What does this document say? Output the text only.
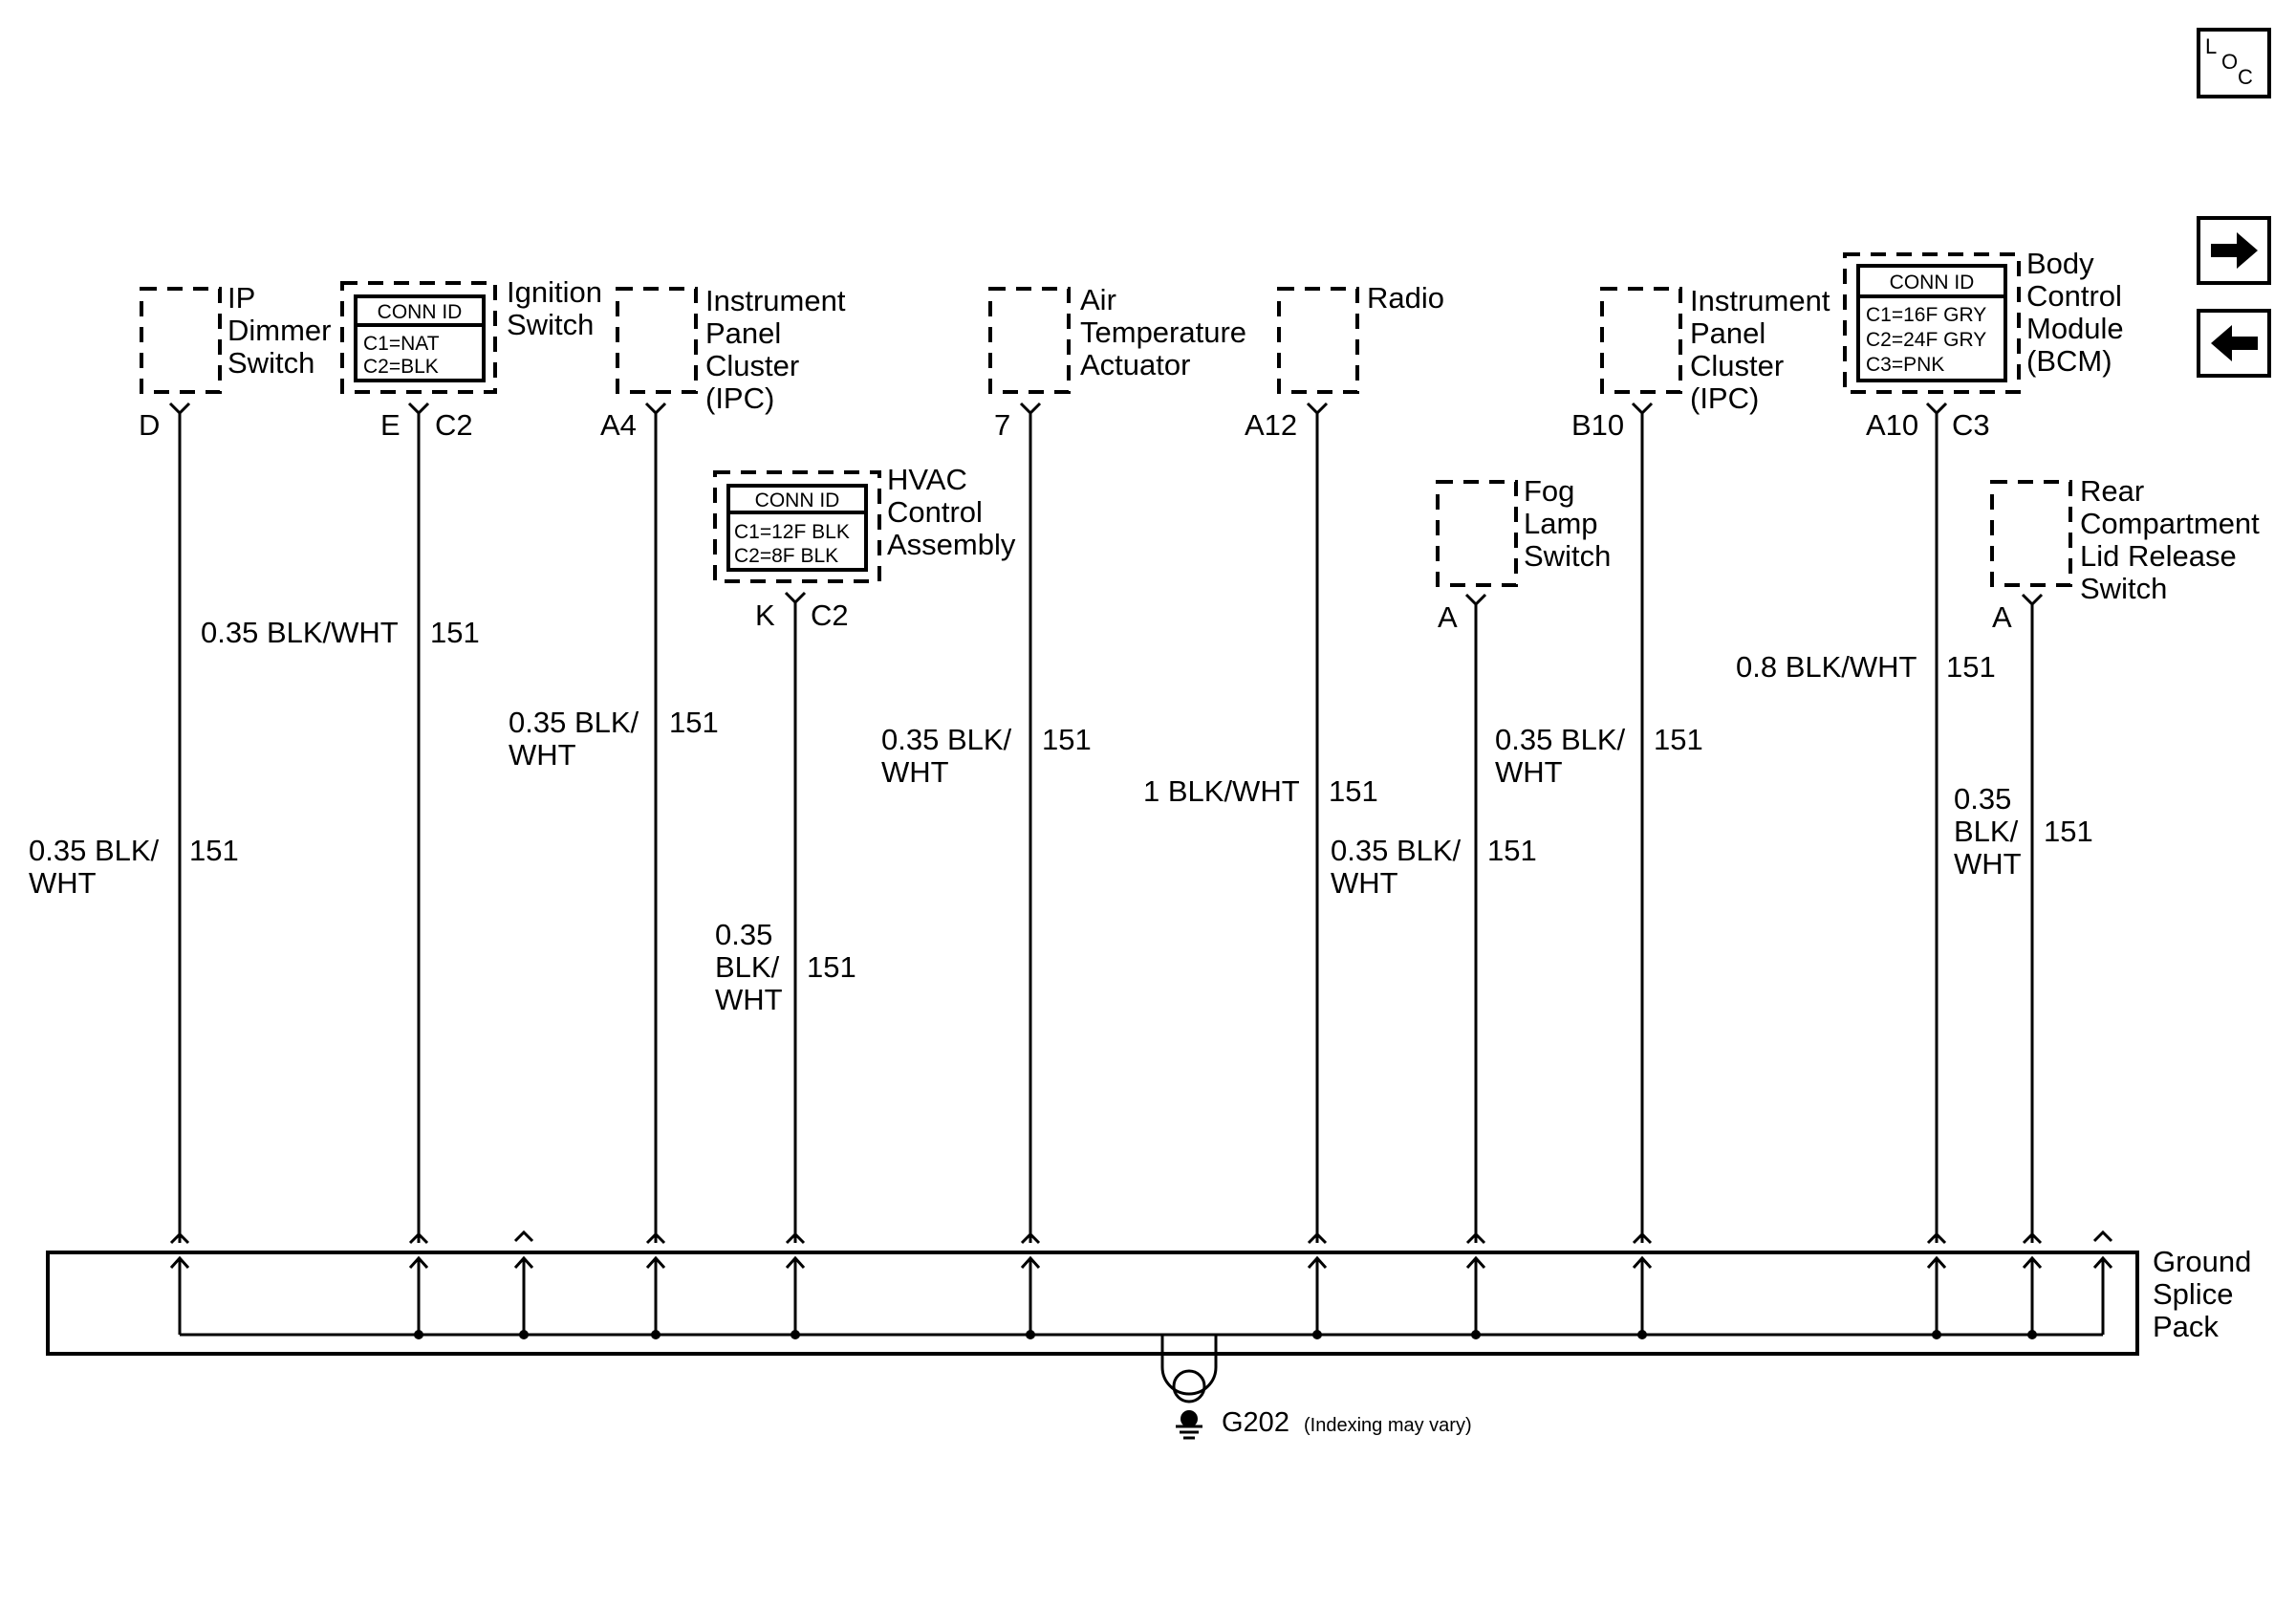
L
O
C
IP
Dimmer
Switch
D
0.35 BLK/
WHT
151
CONN ID
C1=NAT
C2=BLK
Ignition
Switch
E C2
0.35 BLK/WHT 151
Instrument
Panel
Cluster
(IPC)
A4
0.35 BLK/
WHT
151
CONN ID
C1=12F BLK
C2=8F BLK
HVAC
Control
Assembly
K C2
0.35
BLK/
WHT
151
Air
Temperature
Actuator
7
0.35 BLK/
WHT
151
Radio
A12
1 BLK/WHT 151
Fog
Lamp
Switch
A
0.35 BLK/
WHT
151
Instrument
Panel
Cluster
(IPC)
B10
0.35 BLK/
WHT
151
CONN ID
C1=16F GRY
C2=24F GRY
C3=PNK
Body
Control
Module
(BCM)
A10 C3
0.8 BLK/WHT 151
Rear
Compartment
Lid Release
Switch
A
0.35
BLK/
WHT
151
Ground
Splice
Pack
G202 (Indexing may vary)
